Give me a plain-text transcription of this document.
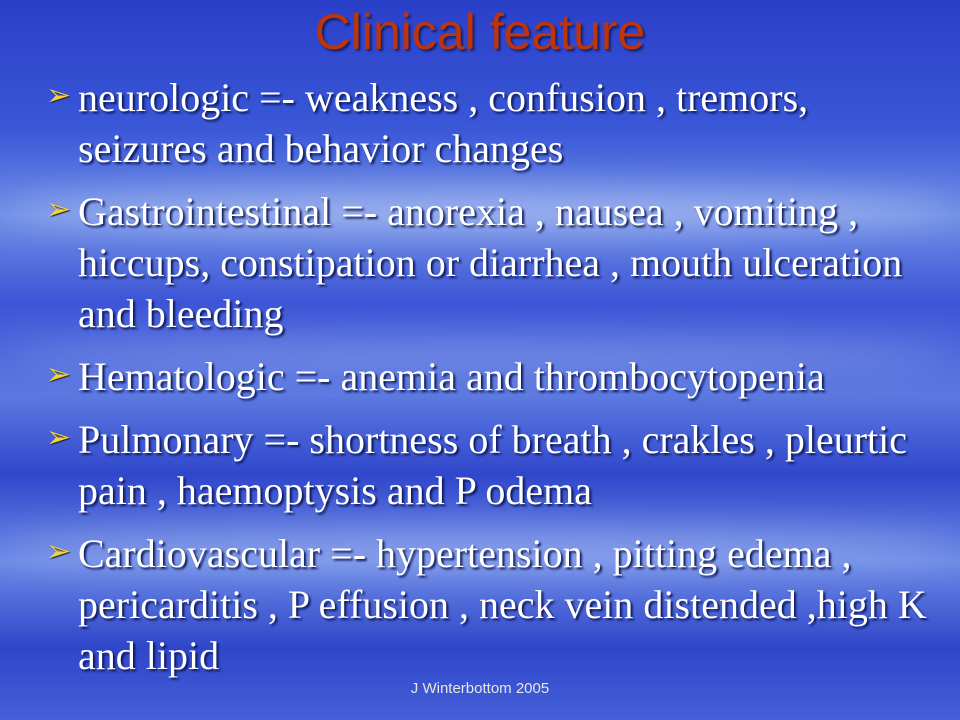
Clinical feature
➢ neurologic =- weakness , confusion , tremors, seizures and behavior changes
➢ Gastrointestinal =- anorexia , nausea , vomiting , hiccups, constipation or diarrhea , mouth ulceration and bleeding
➢ Hematologic =- anemia and thrombocytopenia
➢ Pulmonary =- shortness of breath , crakles , pleurtic pain , haemoptysis and P odema
➢ Cardiovascular =- hypertension , pitting edema , pericarditis , P effusion , neck vein distended ,high K and lipid
J Winterbottom 2005
